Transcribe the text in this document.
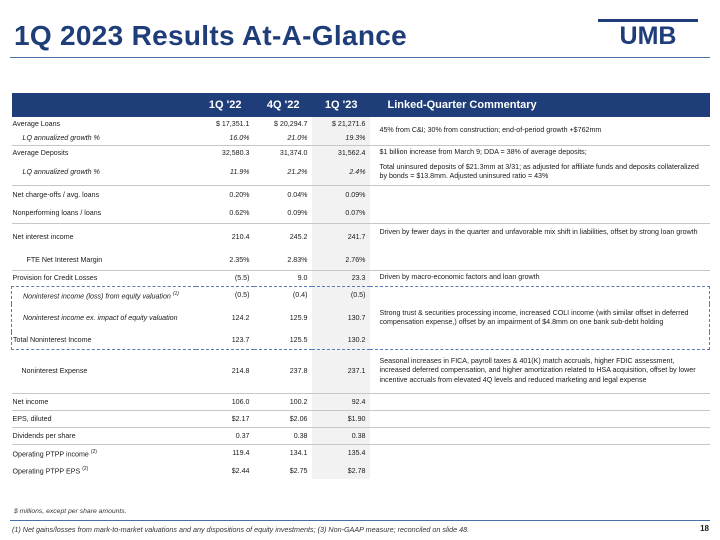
1Q 2023 Results At-A-Glance	UMB
	1Q '22	4Q '22	1Q '23	Linked-Quarter Commentary
Average Loans	$ 17,351.1	$ 20,294.7	$ 21,271.6	45% from C&I; 30% from construction; end-of-period growth +$762mm
LQ annualized growth %	16.0%	21.0%	19.3%	
Average Deposits	32,580.3	31,374.0	31,562.4	$1 billion increase from March 9; DDA = 38% of average deposits;
LQ annualized growth %	11.9%	21.2%	2.4%	Total uninsured deposits of $21.3mm at 3/31; as adjusted for affiliate funds and deposits collateralized by bonds = $13.8mm. Adjusted uninsured ratio = 43%
Net charge-offs / avg. loans	0.20%	0.04%	0.09%	
Nonperforming loans / loans	0.62%	0.09%	0.07%	
Net interest income	210.4	245.2	241.7	Driven by fewer days in the quarter and unfavorable mix shift in liabilities, offset by strong loan growth
FTE Net Interest Margin	2.35%	2.83%	2.76%	
Provision for Credit Losses	(5.5)	9.0	23.3	Driven by macro-economic factors and loan growth
Noninterest income (loss) from equity valuation $^{(1)}$	(0.5)	(0.4)	(0.5)	
Noninterest income ex. impact of equity valuation	124.2	125.9	130.7	Strong trust & securities processing income, increased COLI income (with similar offset in deferred compensation expense,) offset by an impairment of $4.8mm on one bank sub-debt holding
Total Noninterest Income	123.7	125.5	130.2	
Noninterest Expense	214.8	237.8	237.1	Seasonal increases in FICA, payroll taxes & 401(K) match accruals, higher FDIC assessment, increased deferred compensation, and higher amortization related to HSA acquisition, offset by lower incentive accruals from elevated 4Q levels and reduced marketing and legal expense
Net income	106.0	100.2	92.4	
EPS, diluted	$2.17	$2.06	$1.90	
Dividends per share	0.37	0.38	0.38	
Operating PTPP income $^{(2)}$	119.4	134.1	135.4	
Operating PTPP EPS $^{(2)}$	$2.44	$2.75	$2.78	
$ millions, except per share amounts.
(1) Net gains/losses from mark-to-market valuations and any dispositions of equity investments; (3) Non-GAAP measure; reconciled on slide 48.	18
